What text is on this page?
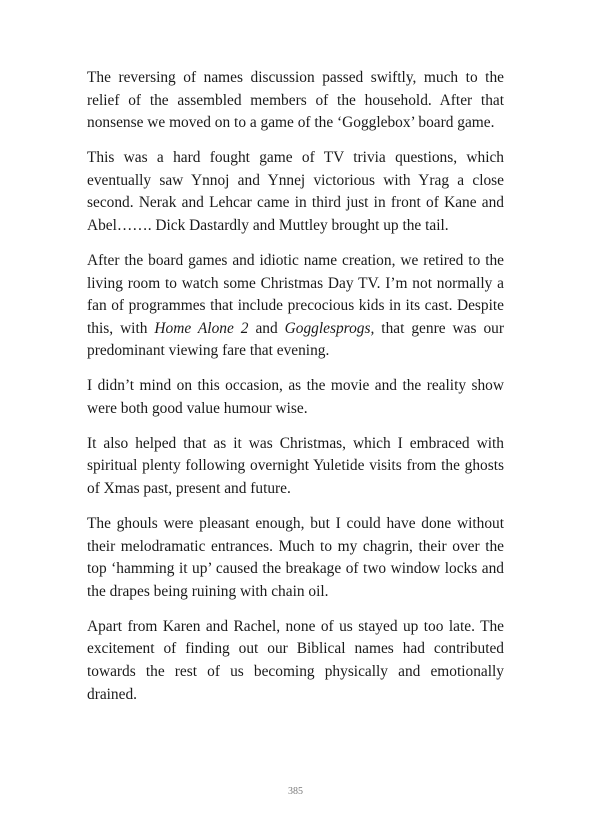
The reversing of names discussion passed swiftly, much to the relief of the assembled members of the household. After that nonsense we moved on to a game of the ‘Gogglebox’ board game.

This was a hard fought game of TV trivia questions, which eventually saw Ynnoj and Ynnej victorious with Yrag a close second. Nerak and Lehcar came in third just in front of Kane and Abel……. Dick Dastardly and Muttley brought up the tail.

After the board games and idiotic name creation, we retired to the living room to watch some Christmas Day TV. I’m not normally a fan of programmes that include precocious kids in its cast. Despite this, with Home Alone 2 and Gogglesprogs, that genre was our predominant viewing fare that evening.

I didn’t mind on this occasion, as the movie and the reality show were both good value humour wise.

It also helped that as it was Christmas, which I embraced with spiritual plenty following overnight Yuletide visits from the ghosts of Xmas past, present and future.

The ghouls were pleasant enough, but I could have done without their melodramatic entrances. Much to my chagrin, their over the top ‘hamming it up’ caused the breakage of two window locks and the drapes being ruining with chain oil.

Apart from Karen and Rachel, none of us stayed up too late. The excitement of finding out our Biblical names had contributed towards the rest of us becoming physically and emotionally drained.

385
